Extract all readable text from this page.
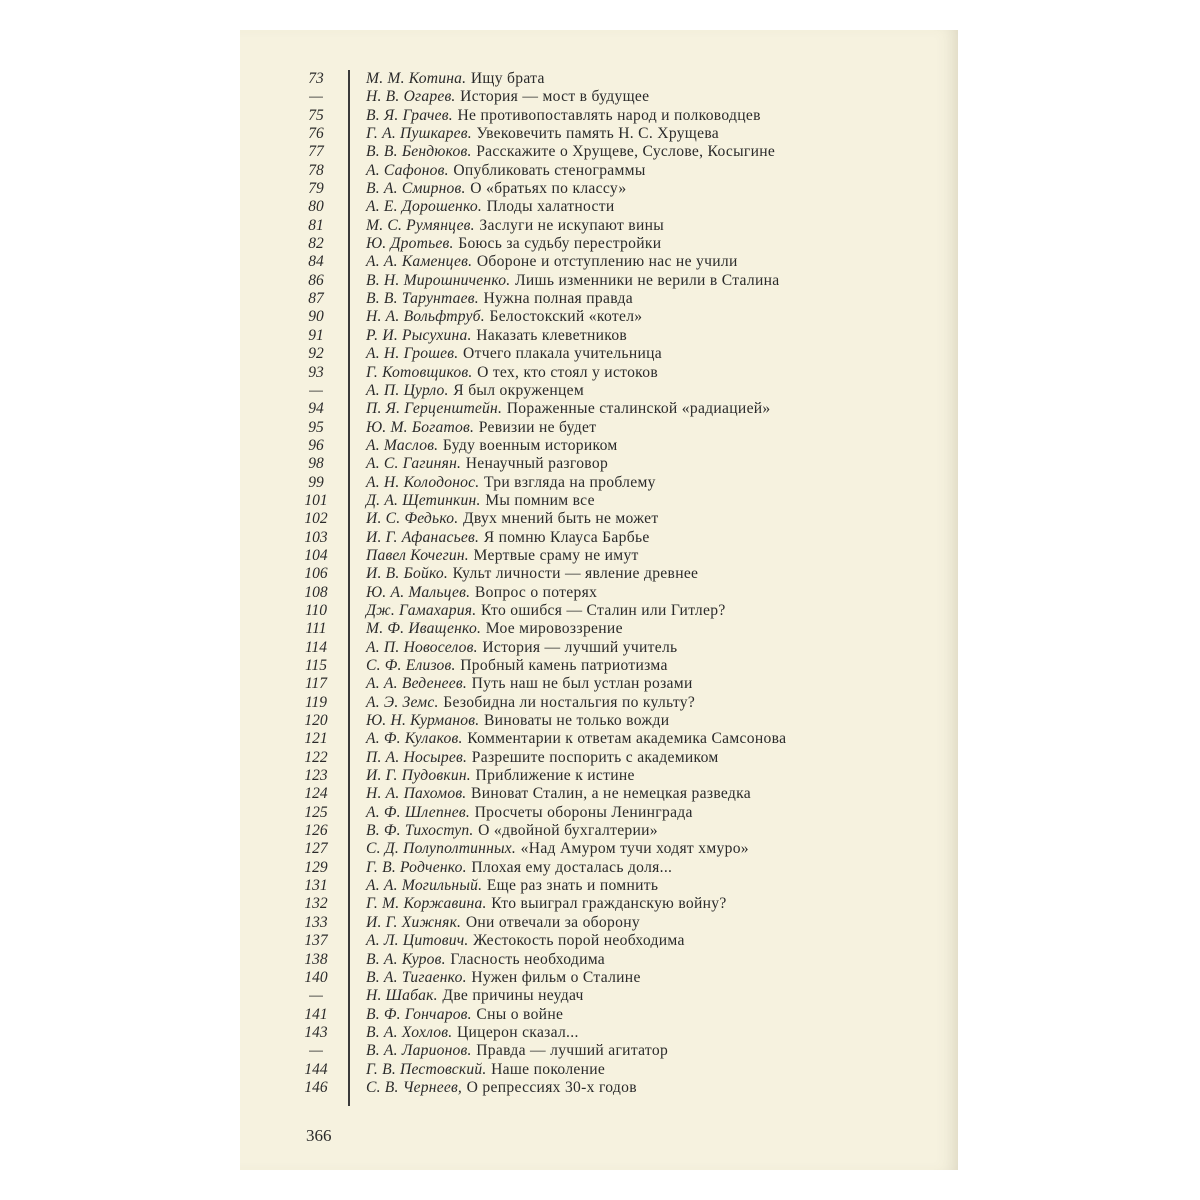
73	М. М. Котина. Ищу брата
—	Н. В. Огарев. История — мост в будущее
75	В. Я. Грачев. Не противопоставлять народ и полководцев
76	Г. А. Пушкарев. Увековечить память Н. С. Хрущева
77	В. В. Бендюков. Расскажите о Хрущеве, Суслове, Косыгине
78	А. Сафонов. Опубликовать стенограммы
79	В. А. Смирнов. О «братьях по классу»
80	А. Е. Дорошенко. Плоды халатности
81	М. С. Румянцев. Заслуги не искупают вины
82	Ю. Дротьев. Боюсь за судьбу перестройки
84	А. А. Каменцев. Обороне и отступлению нас не учили
86	В. Н. Мирошниченко. Лишь изменники не верили в Сталина
87	В. В. Тарунтаев. Нужна полная правда
90	Н. А. Вольфтруб. Белостокский «котел»
91	Р. И. Рысухина. Наказать клеветников
92	А. Н. Грошев. Отчего плакала учительница
93	Г. Котовщиков. О тех, кто стоял у истоков
—	А. П. Цурло. Я был окруженцем
94	П. Я. Герценштейн. Пораженные сталинской «радиацией»
95	Ю. М. Богатов. Ревизии не будет
96	А. Маслов. Буду военным историком
98	А. С. Гагинян. Ненаучный разговор
99	А. Н. Колодонос. Три взгляда на проблему
101	Д. А. Щетинкин. Мы помним все
102	И. С. Федько. Двух мнений быть не может
103	И. Г. Афанасьев. Я помню Клауса Барбье
104	Павел Кочегин. Мертвые сраму не имут
106	И. В. Бойко. Культ личности — явление древнее
108	Ю. А. Мальцев. Вопрос о потерях
110	Дж. Гамахария. Кто ошибся — Сталин или Гитлер?
111	М. Ф. Иващенко. Мое мировоззрение
114	А. П. Новоселов. История — лучший учитель
115	С. Ф. Елизов. Пробный камень патриотизма
117	А. А. Веденеев. Путь наш не был устлан розами
119	А. Э. Земс. Безобидна ли ностальгия по культу?
120	Ю. Н. Курманов. Виноваты не только вожди
121	А. Ф. Кулаков. Комментарии к ответам академика Самсонова
122	П. А. Носырев. Разрешите поспорить с академиком
123	И. Г. Пудовкин. Приближение к истине
124	Н. А. Пахомов. Виноват Сталин, а не немецкая разведка
125	А. Ф. Шлепнев. Просчеты обороны Ленинграда
126	В. Ф. Тихоступ. О «двойной бухгалтерии»
127	С. Д. Полуполтинных. «Над Амуром тучи ходят хмуро»
129	Г. В. Родченко. Плохая ему досталась доля...
131	А. А. Могильный. Еще раз знать и помнить
132	Г. М. Коржавина. Кто выиграл гражданскую войну?
133	И. Г. Хижняк. Они отвечали за оборону
137	А. Л. Цитович. Жестокость порой необходима
138	В. А. Куров. Гласность необходима
140	В. А. Тигаенко. Нужен фильм о Сталине
—	Н. Шабак. Две причины неудач
141	В. Ф. Гончаров. Сны о войне
143	В. А. Хохлов. Цицерон сказал...
—	В. А. Ларионов. Правда — лучший агитатор
144	Г. В. Пестовский. Наше поколение
146	С. В. Чернеев, О репрессиях 30-х годов
366
